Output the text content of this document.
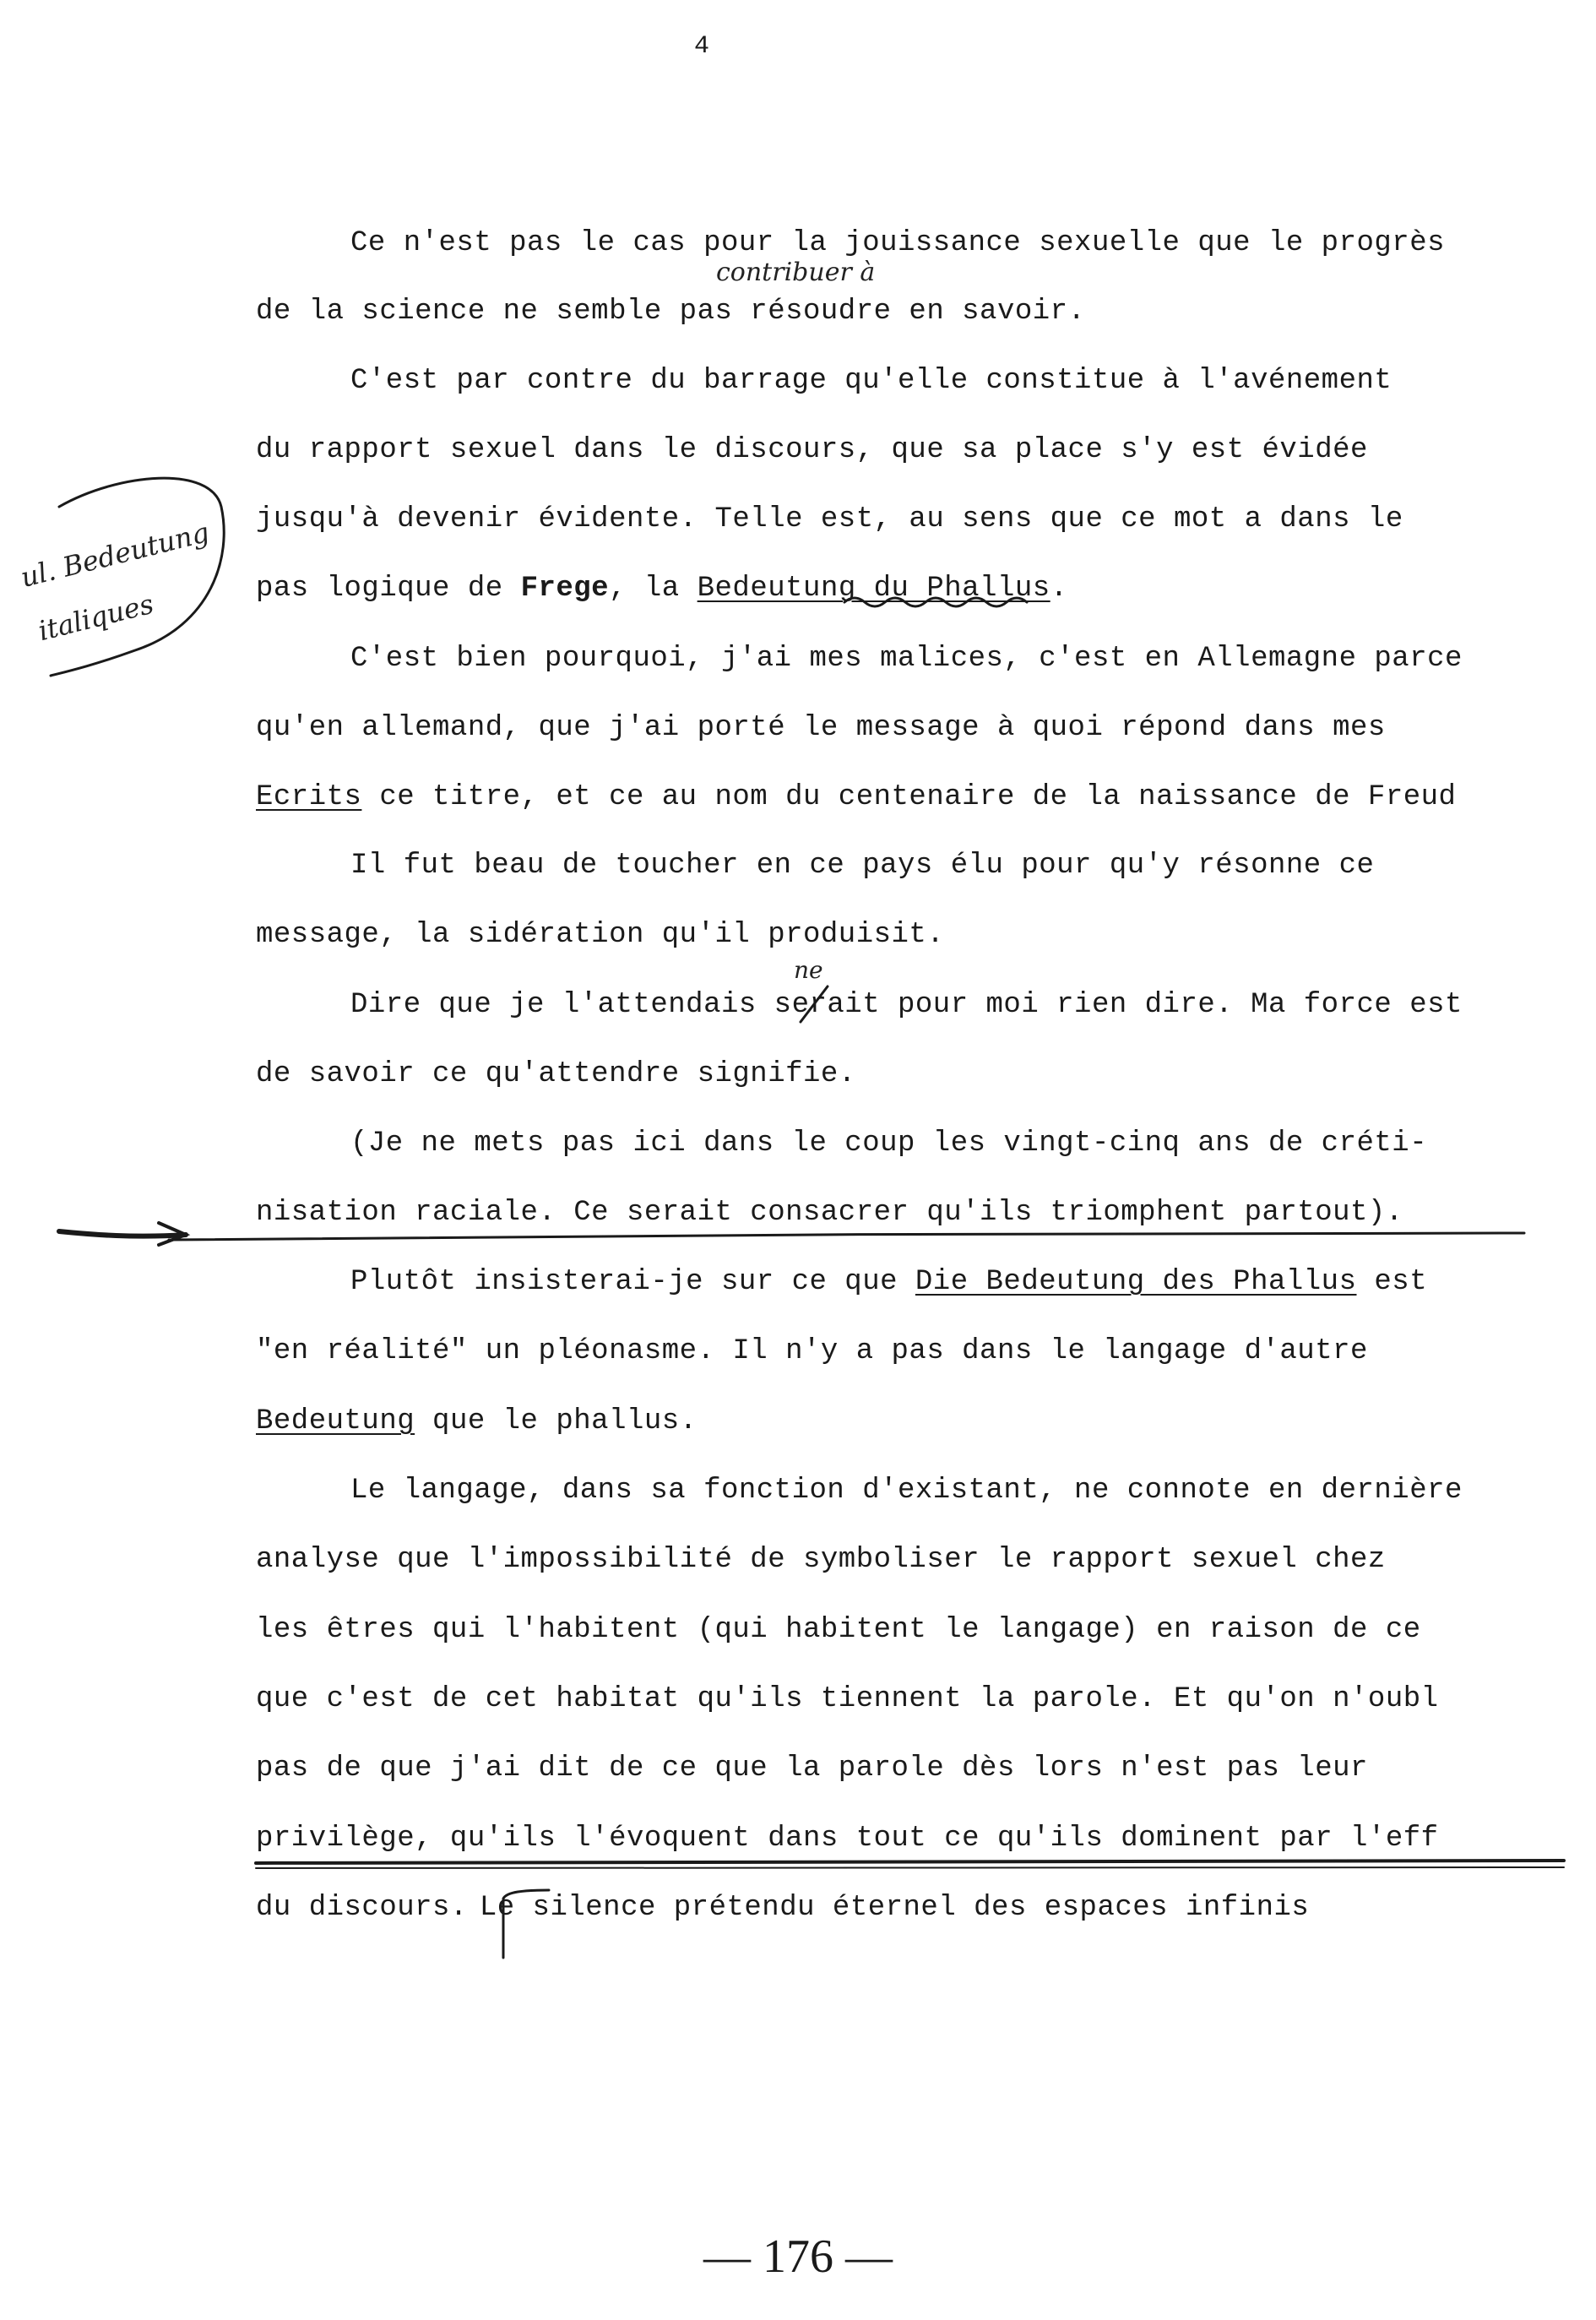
4
ul. Bedeutung
italiques
contribuer à
ne
Ce n'est pas le cas pour la jouissance sexuelle que le progrès
de la science ne semble pas résoudre en savoir.
C'est par contre du barrage qu'elle constitue à l'avénement
du rapport sexuel dans le discours, que sa place s'y est évidée
jusqu'à devenir évidente. Telle est, au sens que ce mot a dans le
pas logique de Frege, la Bedeutung du Phallus.
C'est bien pourquoi, j'ai mes malices, c'est en Allemagne parce
qu'en allemand, que j'ai porté le message à quoi répond dans mes
Ecrits ce titre, et ce au nom du centenaire de la naissance de Freud
Il fut beau de toucher en ce pays élu pour qu'y résonne ce
message, la sidération qu'il produisit.
Dire que je l'attendais serait pour moi rien dire. Ma force est
de savoir ce qu'attendre signifie.
(Je ne mets pas ici dans le coup les vingt-cinq ans de créti-
nisation raciale. Ce serait consacrer qu'ils triomphent partout).
Plutôt insisterai-je sur ce que Die Bedeutung des Phallus est
"en réalité" un pléonasme. Il n'y a pas dans le langage d'autre
Bedeutung que le phallus.
Le langage, dans sa fonction d'existant, ne connote en dernière
analyse que l'impossibilité de symboliser le rapport sexuel chez
les êtres qui l'habitent (qui habitent le langage) en raison de ce
que c'est de cet habitat qu'ils tiennent la parole. Et qu'on n'oubl
pas de que j'ai dit de ce que la parole dès lors n'est pas leur
privilège, qu'ils l'évoquent dans tout ce qu'ils dominent par l'eff
du discours. Le silence prétendu éternel des espaces infinis
— 176 —
